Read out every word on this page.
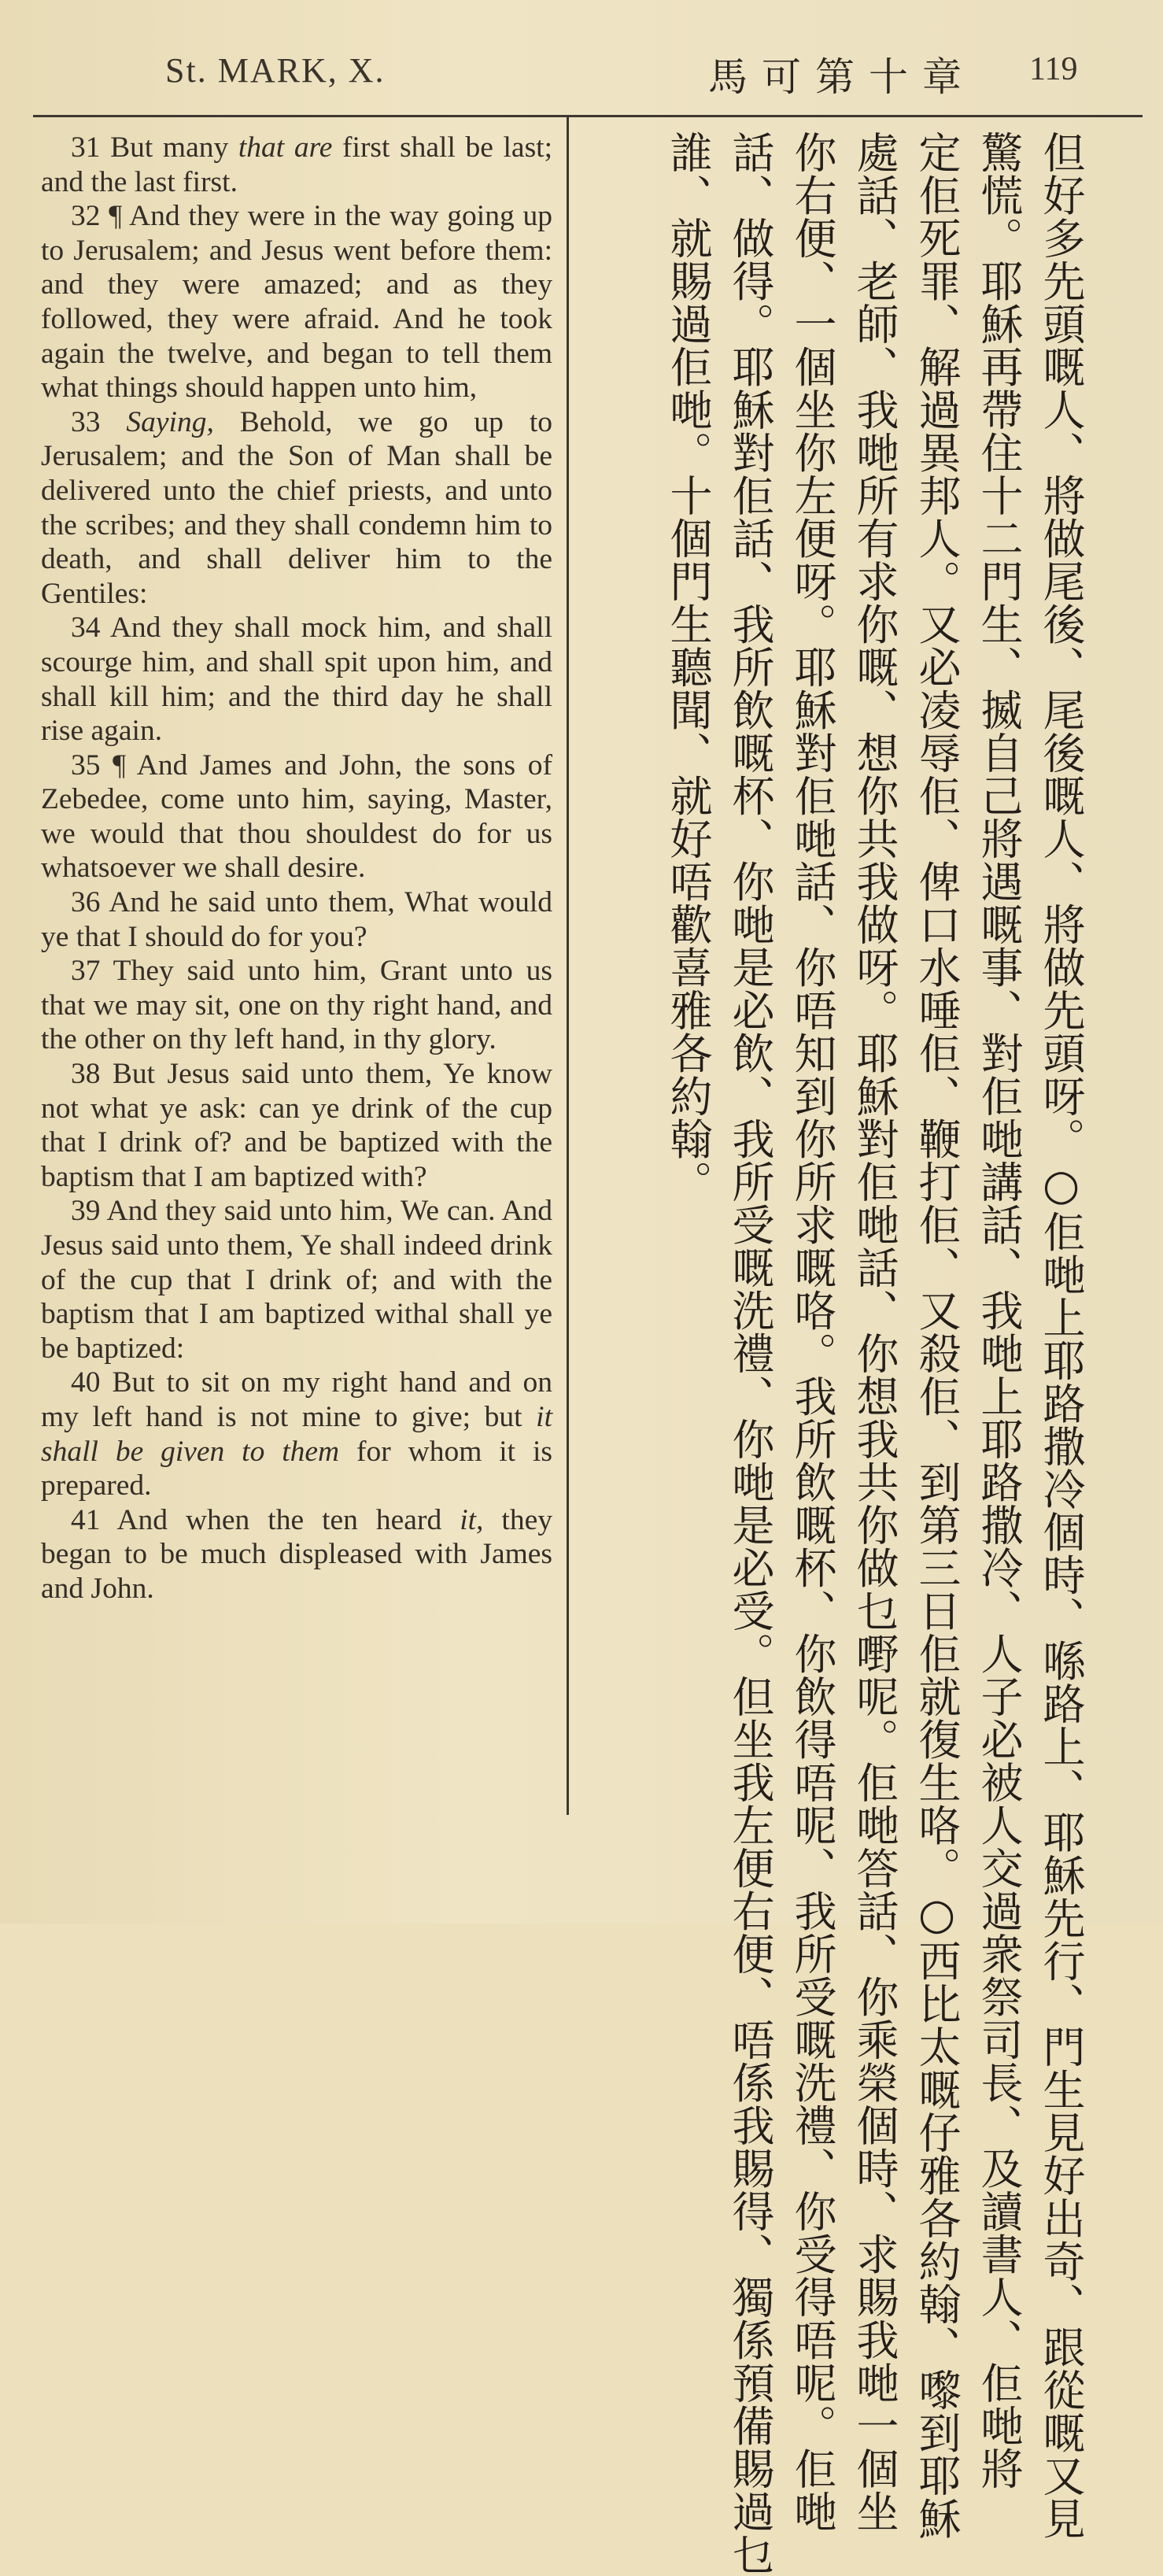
St. MARK, X.	馬可第十章 119

31 But many that are first shall be last; and the last first.

32 ¶ And they were in the way going up to Jerusalem; and Jesus went before them: and they were amazed; and as they followed, they were afraid. And he took again the twelve, and began to tell them what things should happen unto him,

33 Saying, Behold, we go up to Jerusalem; and the Son of Man shall be delivered unto the chief priests, and unto the scribes; and they shall condemn him to death, and shall deliver him to the Gentiles:

34 And they shall mock him, and shall scourge him, and shall spit upon him, and shall kill him; and the third day he shall rise again.

35 ¶ And James and John, the sons of Zebedee, come unto him, saying, Master, we would that thou shouldest do for us whatsoever we shall desire.

36 And he said unto them, What would ye that I should do for you?

37 They said unto him, Grant unto us that we may sit, one on thy right hand, and the other on thy left hand, in thy glory.

38 But Jesus said unto them, Ye know not what ye ask: can ye drink of the cup that I drink of? and be baptized with the baptism that I am baptized with?

39 And they said unto him, We can. And Jesus said unto them, Ye shall indeed drink of the cup that I drink of; and with the baptism that I am baptized withal shall ye be baptized:

40 But to sit on my right hand and on my left hand is not mine to give; but it shall be given to them for whom it is prepared.

41 And when the ten heard it, they began to be much displeased with James and John.	但好多先頭嘅人、將做尾後、尾後嘅人、將做先頭呀。○佢哋上耶路撒冷個時、喺路上、耶穌先行、門生見好出奇、跟從嘅又見
驚慌。耶穌再帶住十二門生、揻自己將遇嘅事、對佢哋講話、我哋上耶路撒冷、人子必被人交過衆祭司長、及讀書人、佢哋將
定佢死罪、解過異邦人。又必凌辱佢、俾口水唾佢、鞭打佢、又殺佢、到第三日佢就復生咯。○西比太嘅仔雅各約翰、嚟到耶穌
處話、老師、我哋所有求你嘅、想你共我做呀。耶穌對佢哋話、你想我共你做乜嘢呢。佢哋答話、你乘榮個時、求賜我哋一個坐
你右便、一個坐你左便呀。耶穌對佢哋話、你唔知到你所求嘅咯。我所飲嘅杯、你飲得唔呢、我所受嘅洗禮、你受得唔呢。佢哋
話、做得。耶穌對佢話、我所飲嘅杯、你哋是必飲、我所受嘅洗禮、你哋是必受。但坐我左便右便、唔係我賜得、獨係預備賜過乜
誰、就賜過佢哋。十個門生聽聞、就好唔歡喜雅各約翰。
